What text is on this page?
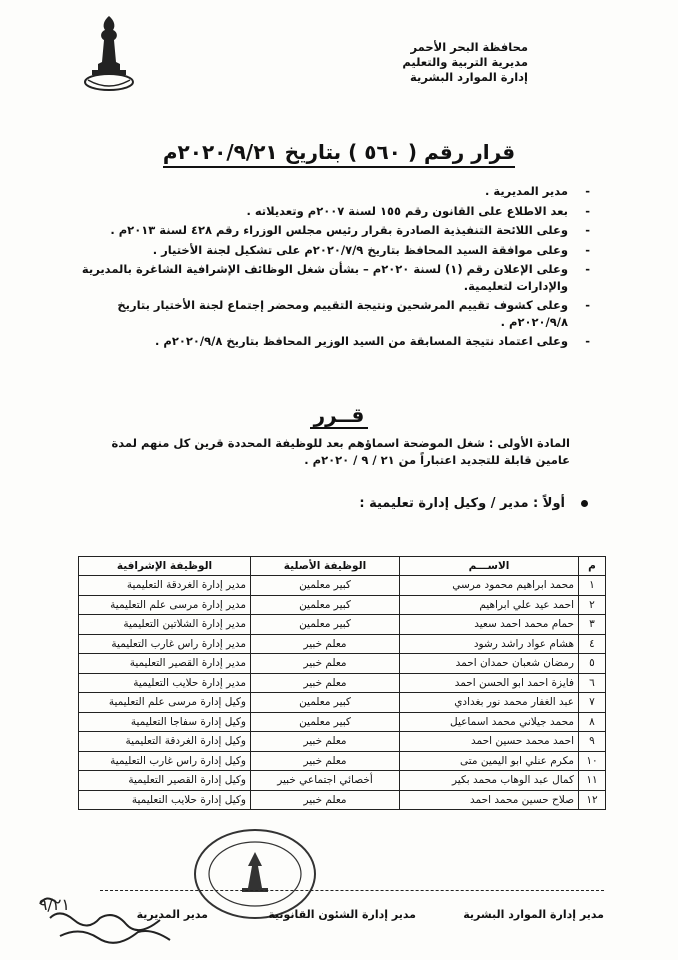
محافظة البحر الأحمر
مديرية التربية والتعليم
إدارة الموارد البشرية
قرار رقم ( ٥٦٠ ) بتاريخ ٢٠٢٠/٩/٢١م
- مدير المديرية .
- بعد الاطلاع على القانون رقم ١٥٥ لسنة ٢٠٠٧م وتعديلاته .
- وعلى اللائحة التنفيذية الصادرة بقرار رئيس مجلس الوزراء رقم ٤٢٨ لسنة ٢٠١٣م .
- وعلى موافقة السيد المحافظ بتاريخ ٢٠٢٠/٧/٩م على تشكيل لجنة الأختيار .
- وعلى الإعلان رقم (١) لسنة ٢٠٢٠م – بشأن شغل الوظائف الإشرافية الشاغرة بالمديرية والإدارات لتعليمية.
- وعلى كشوف تقييم المرشحين ونتيجة التقييم ومحضر إجتماع لجنة الأختيار بتاريخ ٢٠٢٠/٩/٨م .
- وعلى اعتماد نتيجة المسابقة من السيد الوزير المحافظ بتاريخ ٢٠٢٠/٩/٨م .
قــرر
المادة الأولى : شغل الموضحة اسماؤهم بعد للوظيفة المحددة قرين كل منهم لمدة عامين قابلة للتجديد اعتباراً من ٢١ / ٩ / ٢٠٢٠م .
أولاً : مدير / وكيل إدارة تعليمية :
م	الاســـم	الوظيفة الأصلية	الوظيفة الإشرافية
١	محمد ابراهيم محمود مرسي	كبير معلمين	مدير إدارة الغردقة التعليمية
٢	احمد عيد علي ابراهيم	كبير معلمين	مدير إدارة مرسى علم التعليمية
٣	حمام محمد احمد سعيد	كبير معلمين	مدير إدارة الشلاتين التعليمية
٤	هشام عواد راشد رشود	معلم خبير	مدير إدارة راس غارب التعليمية
٥	رمضان شعبان حمدان احمد	معلم خبير	مدير إدارة القصير التعليمية
٦	فايزة احمد ابو الحسن احمد	معلم خبير	مدير إدارة حلايب التعليمية
٧	عبد الغفار محمد نور بغدادي	كبير معلمين	وكيل إدارة مرسى علم التعليمية
٨	محمد جيلاني محمد اسماعيل	كبير معلمين	وكيل إدارة سفاجا التعليمية
٩	احمد محمد حسين احمد	معلم خبير	وكيل إدارة الغردقة التعليمية
١٠	مكرم عنلي ابو اليمين متى	معلم خبير	وكيل إدارة راس غارب التعليمية
١١	كمال عبد الوهاب محمد بكير	أخصائي اجتماعي خبير	وكيل إدارة القصير التعليمية
١٢	صلاح حسين محمد احمد	معلم خبير	وكيل إدارة حلايب التعليمية
مدير إدارة الموارد البشرية
مدير إدارة الشئون القانونية
مدير المديرية
٩/٢١
